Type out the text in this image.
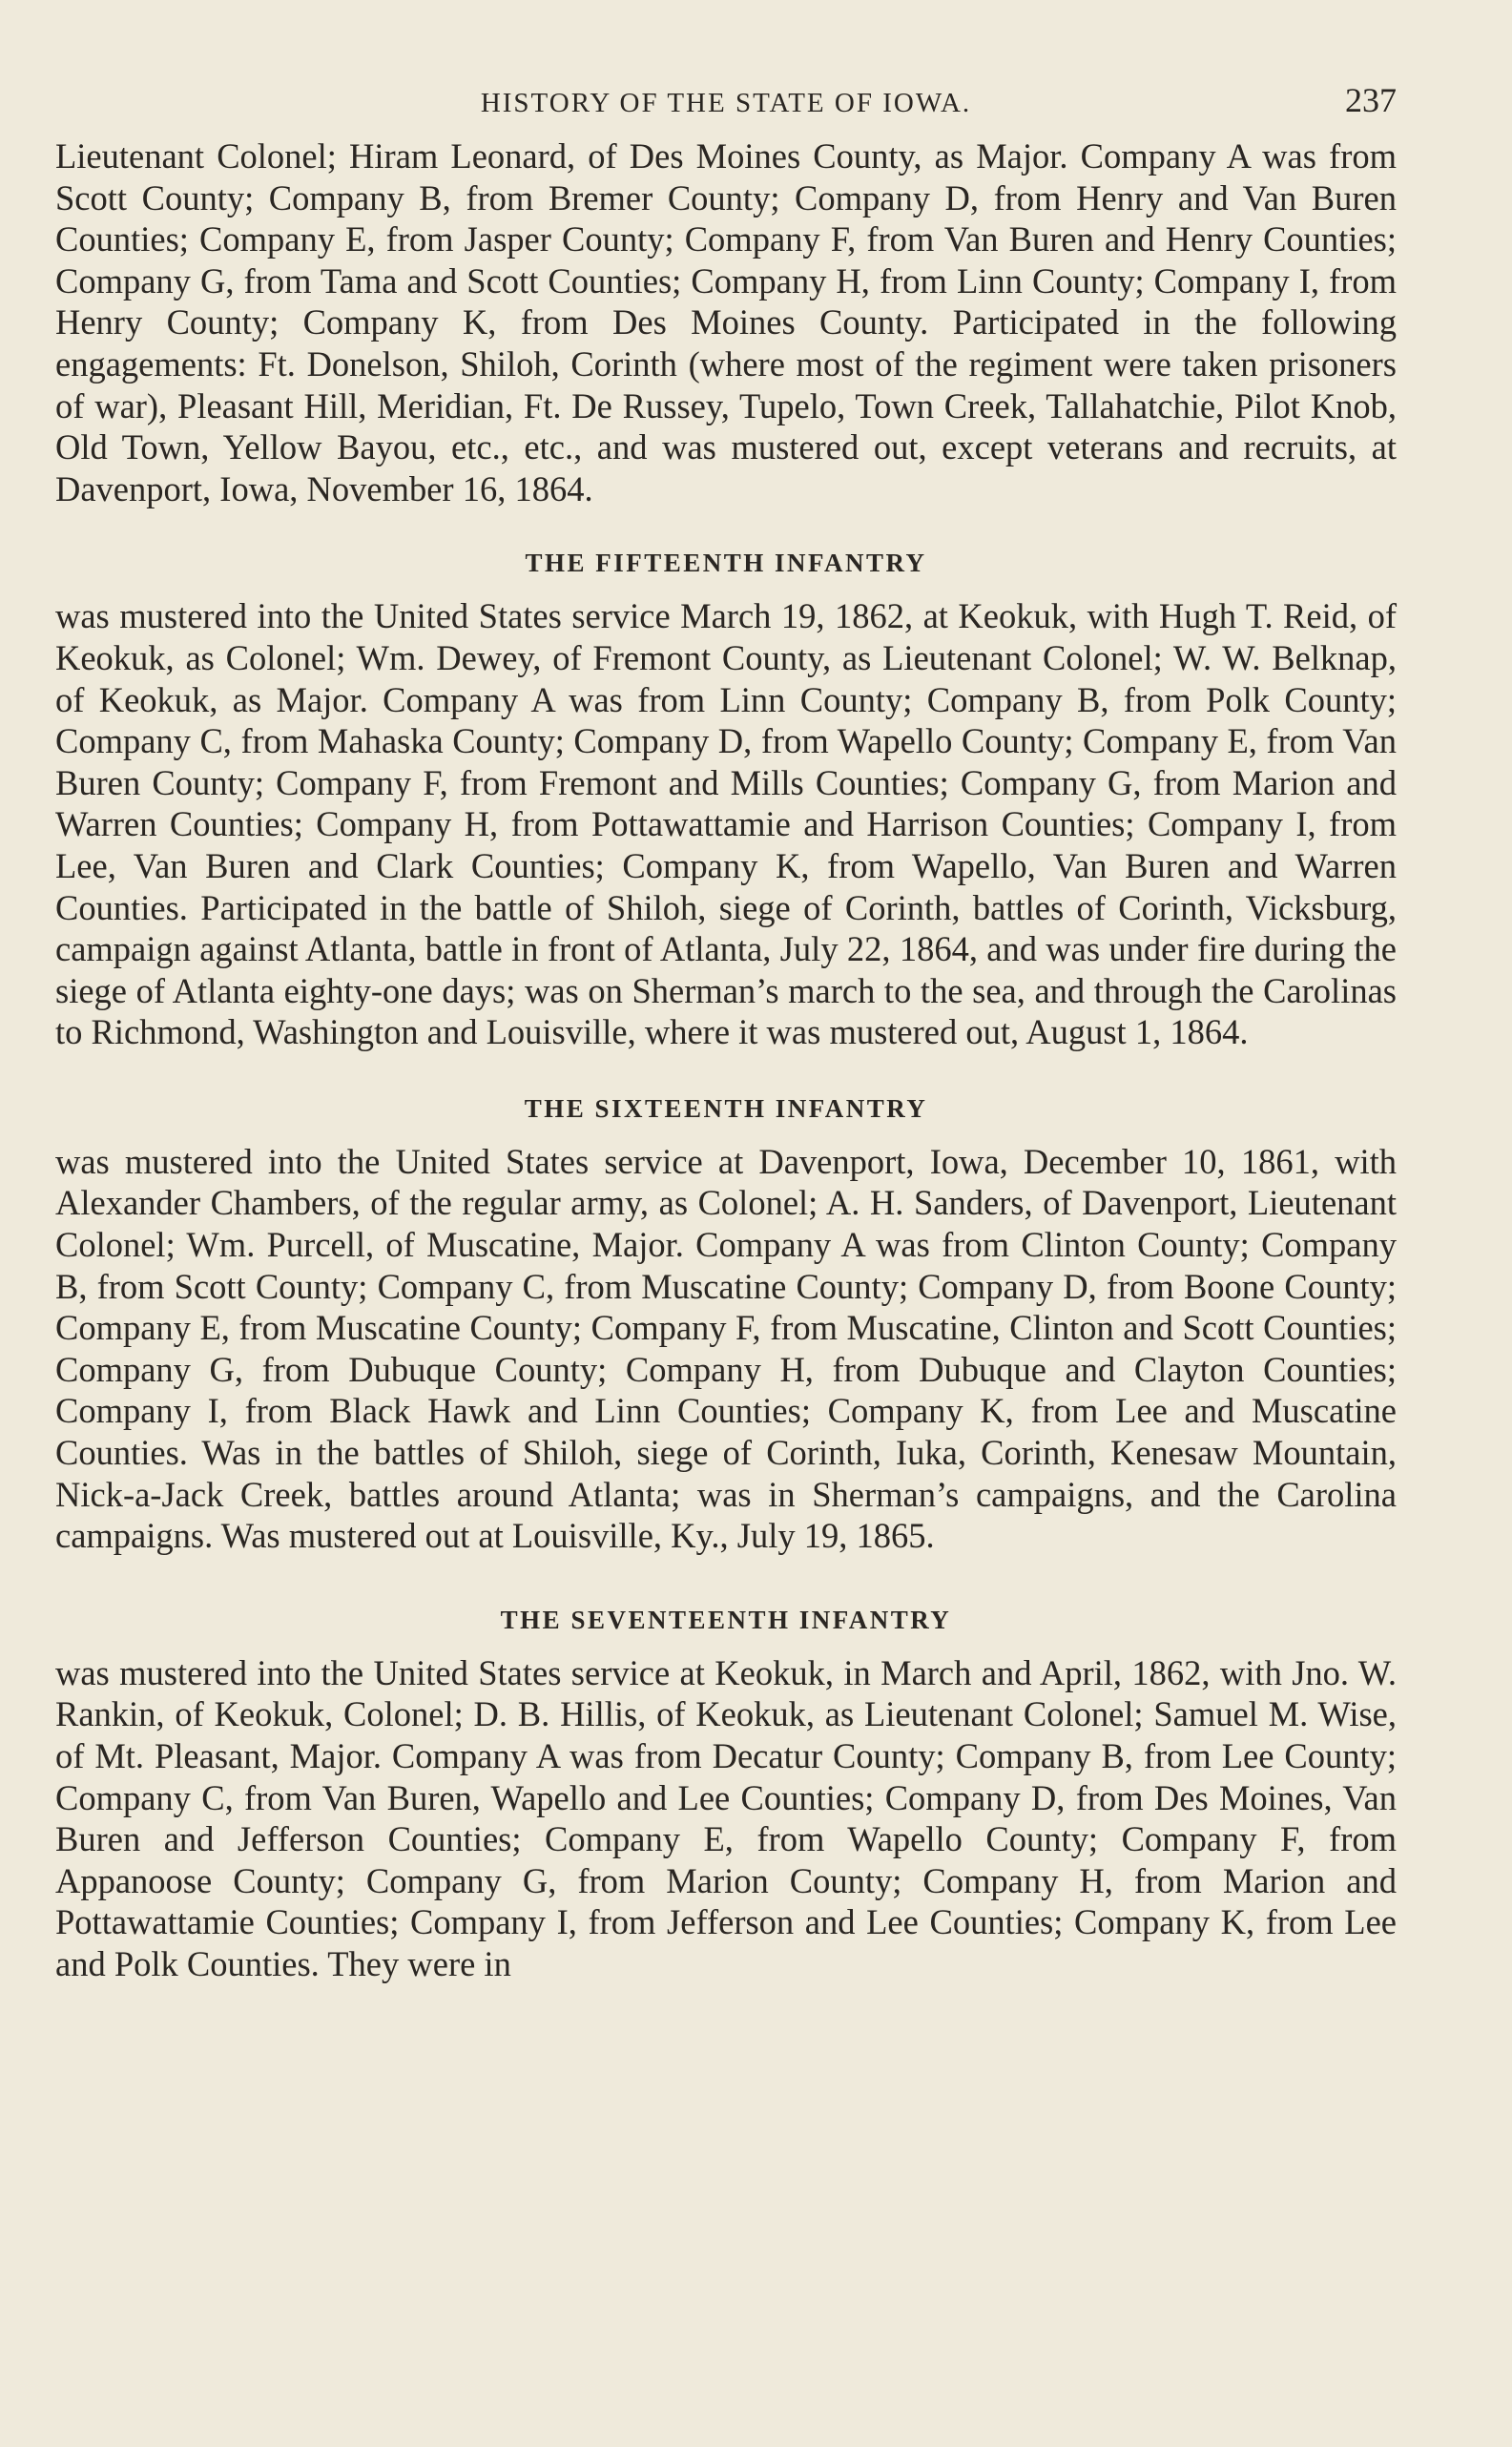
HISTORY OF THE STATE OF IOWA.	237

Lieutenant Colonel; Hiram Leonard, of Des Moines County, as Major. Company A was from Scott County; Company B, from Bremer County; Company D, from Henry and Van Buren Counties; Company E, from Jasper County; Company F, from Van Buren and Henry Counties; Company G, from Tama and Scott Counties; Company H, from Linn County; Company I, from Henry County; Company K, from Des Moines County. Participated in the following engagements: Ft. Donelson, Shiloh, Corinth (where most of the regiment were taken prisoners of war), Pleasant Hill, Meridian, Ft. De Russey, Tupelo, Town Creek, Tallahatchie, Pilot Knob, Old Town, Yellow Bayou, etc., etc., and was mustered out, except veterans and recruits, at Davenport, Iowa, November 16, 1864.

THE FIFTEENTH INFANTRY

was mustered into the United States service March 19, 1862, at Keokuk, with Hugh T. Reid, of Keokuk, as Colonel; Wm. Dewey, of Fremont County, as Lieutenant Colonel; W. W. Belknap, of Keokuk, as Major. Company A was from Linn County; Company B, from Polk County; Company C, from Mahaska County; Company D, from Wapello County; Company E, from Van Buren County; Company F, from Fremont and Mills Counties; Company G, from Marion and Warren Counties; Company H, from Pottawattamie and Harrison Counties; Company I, from Lee, Van Buren and Clark Counties; Company K, from Wapello, Van Buren and Warren Counties. Participated in the battle of Shiloh, siege of Corinth, battles of Corinth, Vicksburg, campaign against Atlanta, battle in front of Atlanta, July 22, 1864, and was under fire during the siege of Atlanta eighty-one days; was on Sherman’s march to the sea, and through the Carolinas to Richmond, Washington and Louisville, where it was mustered out, August 1, 1864.

THE SIXTEENTH INFANTRY

was mustered into the United States service at Davenport, Iowa, December 10, 1861, with Alexander Chambers, of the regular army, as Colonel; A. H. Sanders, of Davenport, Lieutenant Colonel; Wm. Purcell, of Muscatine, Major. Company A was from Clinton County; Company B, from Scott County; Company C, from Muscatine County; Company D, from Boone County; Company E, from Muscatine County; Company F, from Muscatine, Clinton and Scott Counties; Company G, from Dubuque County; Company H, from Dubuque and Clayton Counties; Company I, from Black Hawk and Linn Counties; Company K, from Lee and Muscatine Counties. Was in the battles of Shiloh, siege of Corinth, Iuka, Corinth, Kenesaw Mountain, Nick-a-Jack Creek, battles around Atlanta; was in Sherman’s campaigns, and the Carolina campaigns. Was mustered out at Louisville, Ky., July 19, 1865.

THE SEVENTEENTH INFANTRY

was mustered into the United States service at Keokuk, in March and April, 1862, with Jno. W. Rankin, of Keokuk, Colonel; D. B. Hillis, of Keokuk, as Lieutenant Colonel; Samuel M. Wise, of Mt. Pleasant, Major. Company A was from Decatur County; Company B, from Lee County; Company C, from Van Buren, Wapello and Lee Counties; Company D, from Des Moines, Van Buren and Jefferson Counties; Company E, from Wapello County; Company F, from Appanoose County; Company G, from Marion County; Company H, from Marion and Pottawattamie Counties; Company I, from Jefferson and Lee Counties; Company K, from Lee and Polk Counties. They were in
